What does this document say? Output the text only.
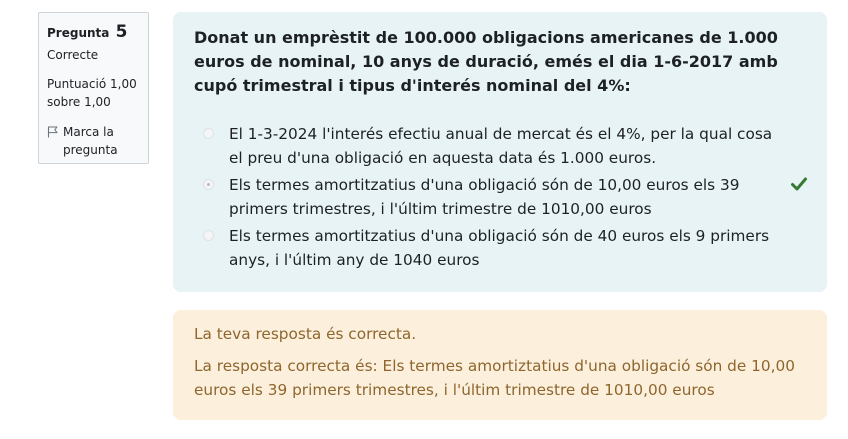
Pregunta 5
Correcte
Puntuació 1,00 sobre 1,00
Marca la pregunta
Donat un emprèstit de 100.000 obligacions americanes de 1.000 euros de nominal, 10 anys de duració, emés el dia 1-6-2017 amb cupó trimestral i tipus d'interés nominal del 4%:
El 1-3-2024 l'interés efectiu anual de mercat és el 4%, per la qual cosa el preu d'una obligació en aquesta data és 1.000 euros.
Els termes amortitzatius d'una obligació són de 10,00 euros els 39 primers trimestres, i l'últim trimestre de 1010,00 euros
Els termes amortitzatius d'una obligació són de 40 euros els 9 primers anys, i l'últim any de 1040 euros
La teva resposta és correcta.
La resposta correcta és: Els termes amortiztatius d'una obligació són de 10,00 euros els 39 primers trimestres, i l'últim trimestre de 1010,00 euros
